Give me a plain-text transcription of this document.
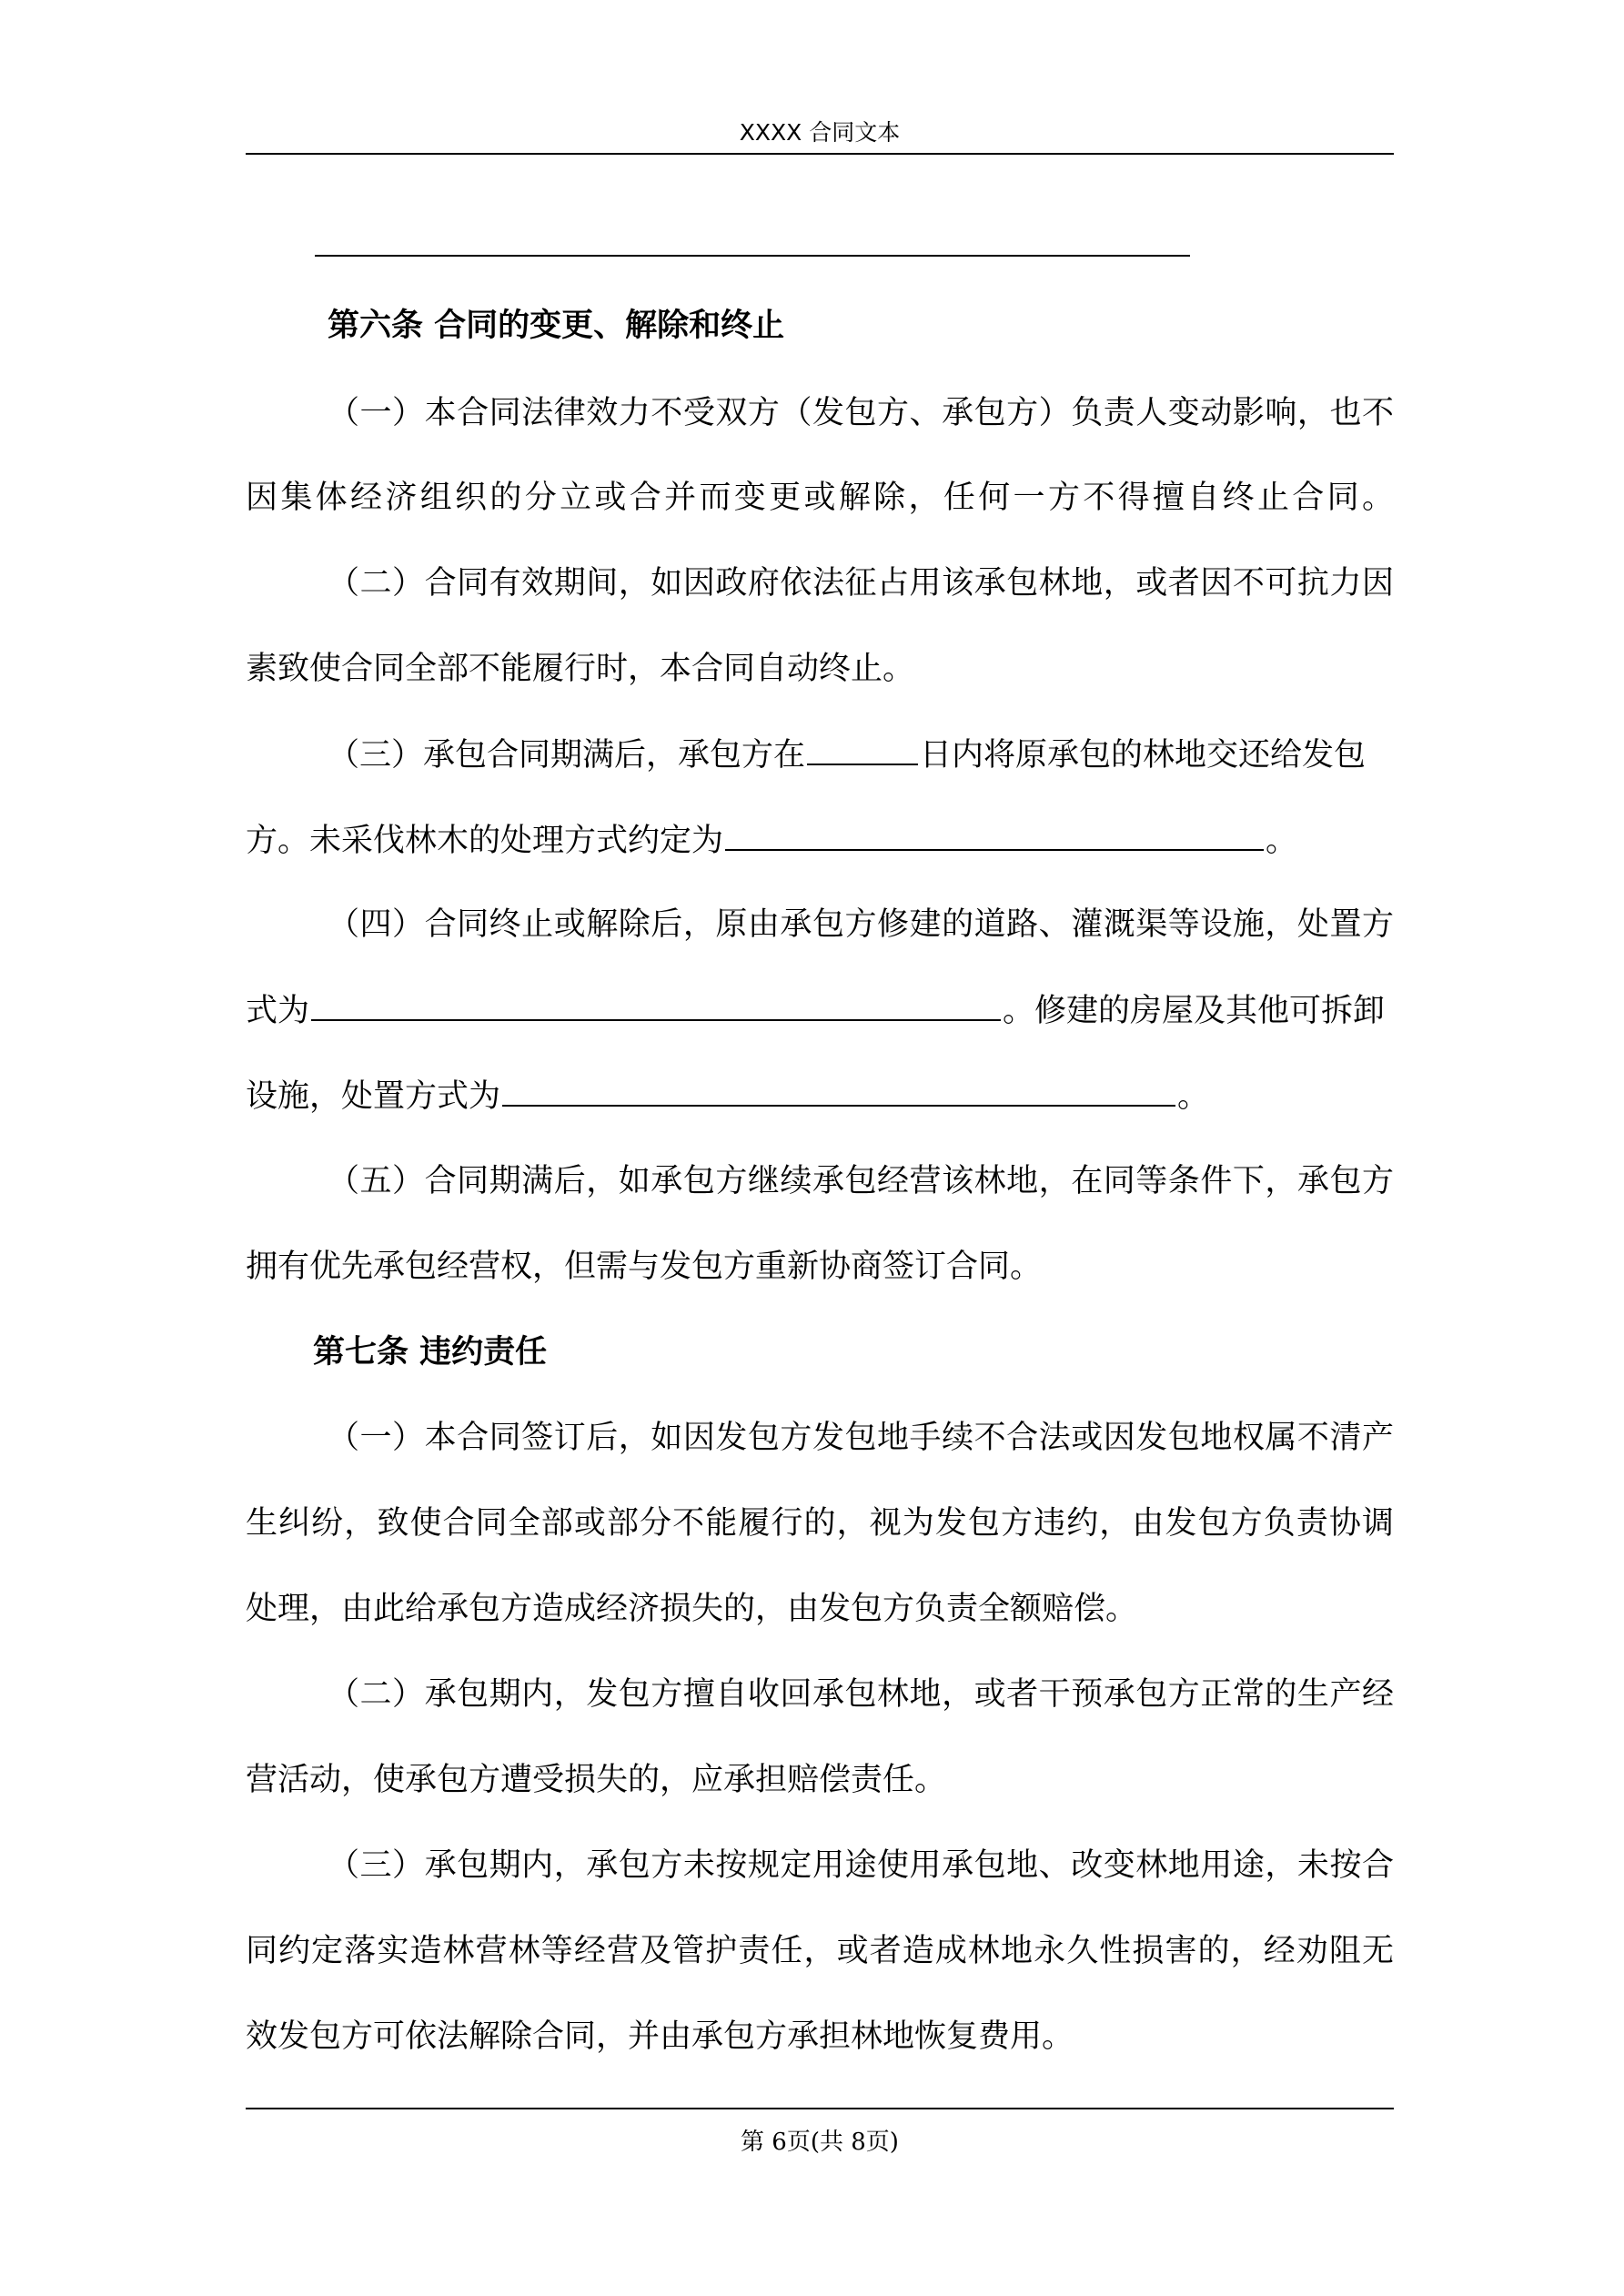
XXXX 合同文本
第六条 合同的变更、解除和终止
（一）本合同法律效力不受双方（发包方、承包方）负责人变动影响，也不
因集体经济组织的分立或合并而变更或解除，任何一方不得擅自终止合同。
（二）合同有效期间，如因政府依法征占用该承包林地，或者因不可抗力因
素致使合同全部不能履行时，本合同自动终止。
（三）承包合同期满后，承包方在	日内将原承包的林地交还给发包
方。未采伐林木的处理方式约定为	。
（四）合同终止或解除后，原由承包方修建的道路、灌溉渠等设施，处置方
式为	。修建的房屋及其他可拆卸
设施，处置方式为	。
（五）合同期满后，如承包方继续承包经营该林地，在同等条件下，承包方
拥有优先承包经营权，但需与发包方重新协商签订合同。
第七条 违约责任
（一）本合同签订后，如因发包方发包地手续不合法或因发包地权属不清产
生纠纷，致使合同全部或部分不能履行的，视为发包方违约，由发包方负责协调
处理，由此给承包方造成经济损失的，由发包方负责全额赔偿。
（二）承包期内，发包方擅自收回承包林地，或者干预承包方正常的生产经
营活动，使承包方遭受损失的，应承担赔偿责任。
（三）承包期内，承包方未按规定用途使用承包地、改变林地用途，未按合
同约定落实造林营林等经营及管护责任，或者造成林地永久性损害的，经劝阻无
效发包方可依法解除合同，并由承包方承担林地恢复费用。
第 6页(共 8页)
